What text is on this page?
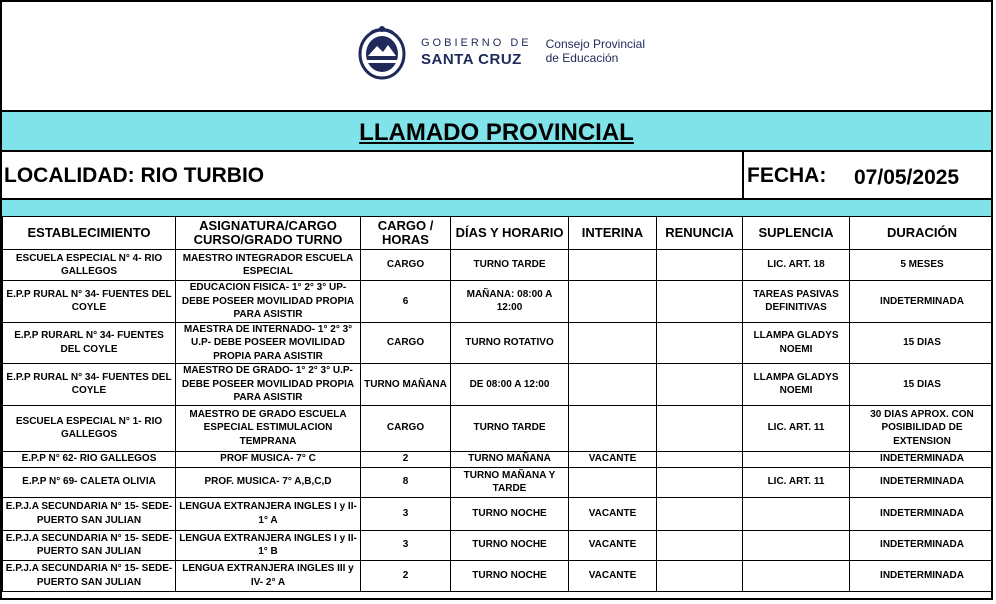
GOBIERNO DE
SANTA CRUZ
Consejo Provincial
de Educación
LLAMADO PROVINCIAL
LOCALIDAD: RIO TURBIO	FECHA: 07/05/2025
ESTABLECIMIENTO	ASIGNATURA/CARGO CURSO/GRADO TURNO	CARGO / HORAS	DÍAS Y HORARIO	INTERINA	RENUNCIA	SUPLENCIA	DURACIÓN
ESCUELA ESPECIAL N° 4- RIO GALLEGOS	MAESTRO INTEGRADOR ESCUELA ESPECIAL	CARGO	TURNO TARDE			LIC. ART. 18	5 MESES
E.P.P RURAL N° 34- FUENTES DEL COYLE	EDUCACION FISICA- 1° 2° 3° UP- DEBE POSEER MOVILIDAD PROPIA PARA ASISTIR	6	MAÑANA: 08:00 A 12:00			TAREAS PASIVAS DEFINITIVAS	INDETERMINADA
E.P.P RURARL N° 34- FUENTES DEL COYLE	MAESTRA DE INTERNADO- 1° 2° 3° U.P- DEBE POSEER MOVILIDAD PROPIA PARA ASISTIR	CARGO	TURNO ROTATIVO			LLAMPA GLADYS NOEMI	15 DIAS
E.P.P RURAL N° 34- FUENTES DEL COYLE	MAESTRO DE GRADO- 1° 2° 3° U.P- DEBE POSEER MOVILIDAD PROPIA PARA ASISTIR	TURNO MAÑANA	DE 08:00 A 12:00			LLAMPA GLADYS NOEMI	15 DIAS
ESCUELA ESPECIAL N° 1- RIO GALLEGOS	MAESTRO DE GRADO ESCUELA ESPECIAL ESTIMULACION TEMPRANA	CARGO	TURNO TARDE			LIC. ART. 11	30 DIAS APROX. CON POSIBILIDAD DE EXTENSION
E.P.P N° 62- RIO GALLEGOS	PROF MUSICA- 7° C	2	TURNO MAÑANA	VACANTE			INDETERMINADA
E.P.P N° 69- CALETA OLIVIA	PROF. MUSICA- 7° A,B,C,D	8	TURNO MAÑANA Y TARDE			LIC. ART. 11	INDETERMINADA
E.P.J.A SECUNDARIA N° 15- SEDE- PUERTO SAN JULIAN	LENGUA EXTRANJERA INGLES I y II- 1° A	3	TURNO NOCHE	VACANTE			INDETERMINADA
E.P.J.A SECUNDARIA N° 15- SEDE- PUERTO SAN JULIAN	LENGUA EXTRANJERA INGLES I y II- 1° B	3	TURNO NOCHE	VACANTE			INDETERMINADA
E.P.J.A SECUNDARIA N° 15- SEDE- PUERTO SAN JULIAN	LENGUA EXTRANJERA INGLES III y IV- 2° A	2	TURNO NOCHE	VACANTE			INDETERMINADA
